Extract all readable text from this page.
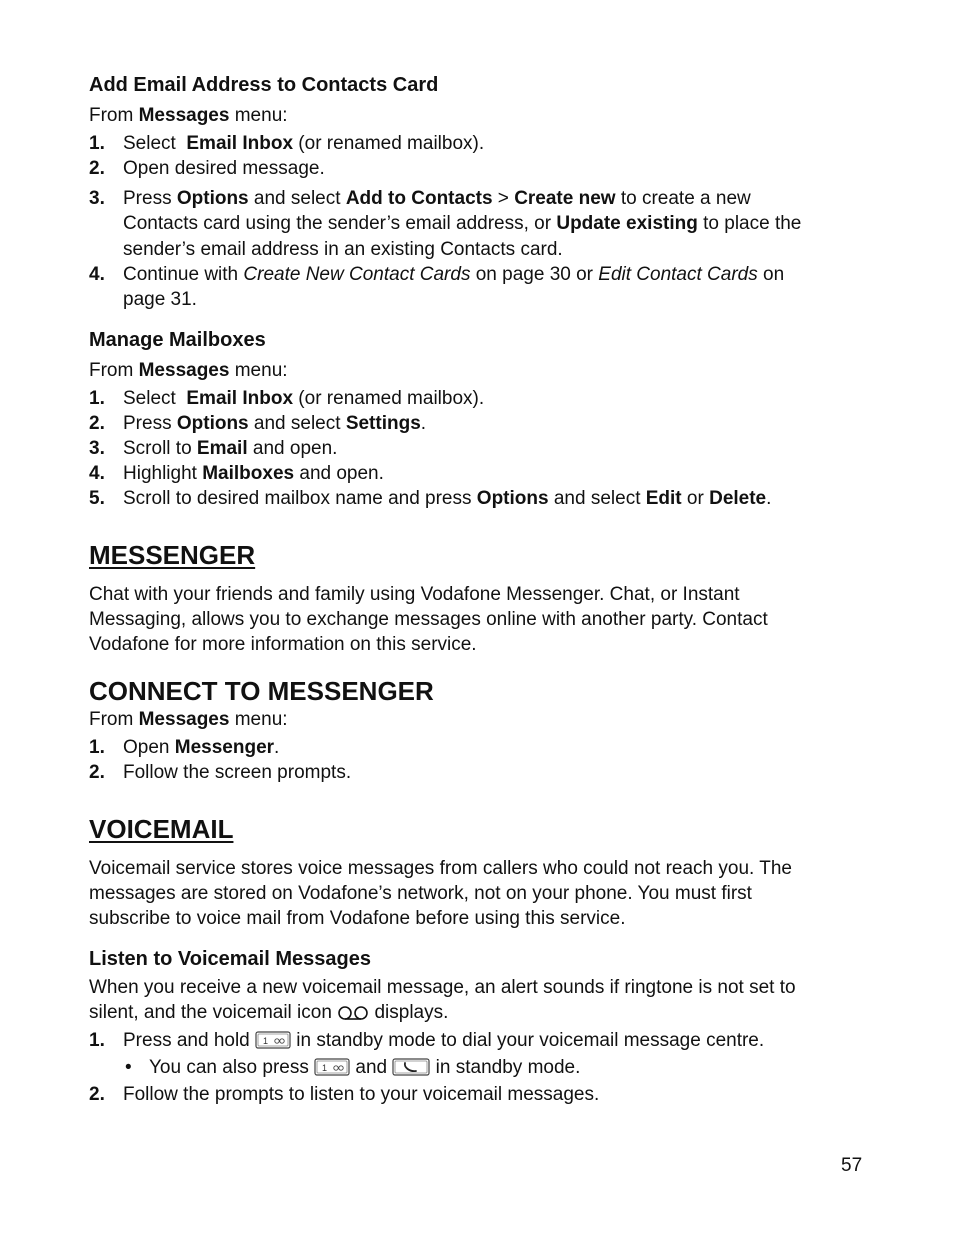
Add Email Address to Contacts Card
From Messages menu:
1. Select  Email Inbox (or renamed mailbox).
2. Open desired message.
3. Press Options and select Add to Contacts > Create new to create a new
Contacts card using the sender’s email address, or Update existing to place the
sender’s email address in an existing Contacts card.
4. Continue with Create New Contact Cards on page 30 or Edit Contact Cards on
page 31.
Manage Mailboxes
From Messages menu:
1. Select  Email Inbox (or renamed mailbox).
2. Press Options and select Settings.
3. Scroll to Email and open.
4. Highlight Mailboxes and open.
5. Scroll to desired mailbox name and press Options and select Edit or Delete.
MESSENGER
Chat with your friends and family using Vodafone Messenger. Chat, or Instant
Messaging, allows you to exchange messages online with another party. Contact
Vodafone for more information on this service.
CONNECT TO MESSENGER
From Messages menu:
1. Open Messenger.
2. Follow the screen prompts.
VOICEMAIL
Voicemail service stores voice messages from callers who could not reach you. The
messages are stored on Vodafone’s network, not on your phone. You must first
subscribe to voice mail from Vodafone before using this service.
Listen to Voicemail Messages
When you receive a new voicemail message, an alert sounds if ringtone is not set to
silent, and the voicemail icon  displays.
1. Press and hold 1 in standby mode to dial your voicemail message centre.
• You can also press 1 and  in standby mode.
2. Follow the prompts to listen to your voicemail messages.
57
